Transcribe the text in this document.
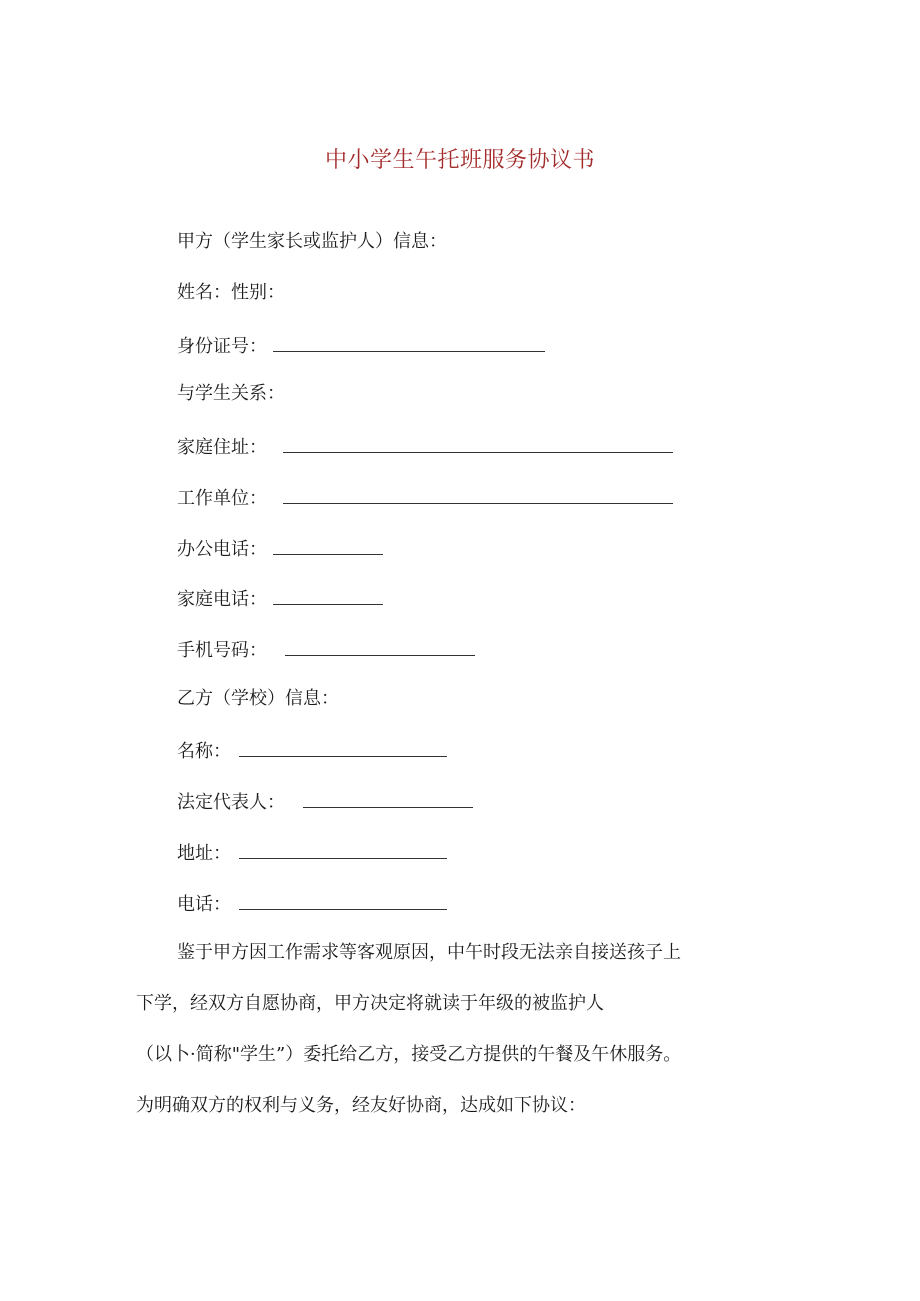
中小学生午托班服务协议书
甲方（学生家长或监护人）信息：
姓名：性别：
身份证号：
与学生关系：
家庭住址：
工作单位：
办公电话：
家庭电话：
手机号码：
乙方（学校）信息：
名称：
法定代表人：
地址：
电话：
鉴于甲方因工作需求等客观原因，中午时段无法亲自接送孩子上
下学，经双方自愿协商，甲方决定将就读于年级的被监护人
（以卜·简称"学生”）委托给乙方，接受乙方提供的午餐及午休服务。
为明确双方的权利与义务，经友好协商，达成如下协议：
